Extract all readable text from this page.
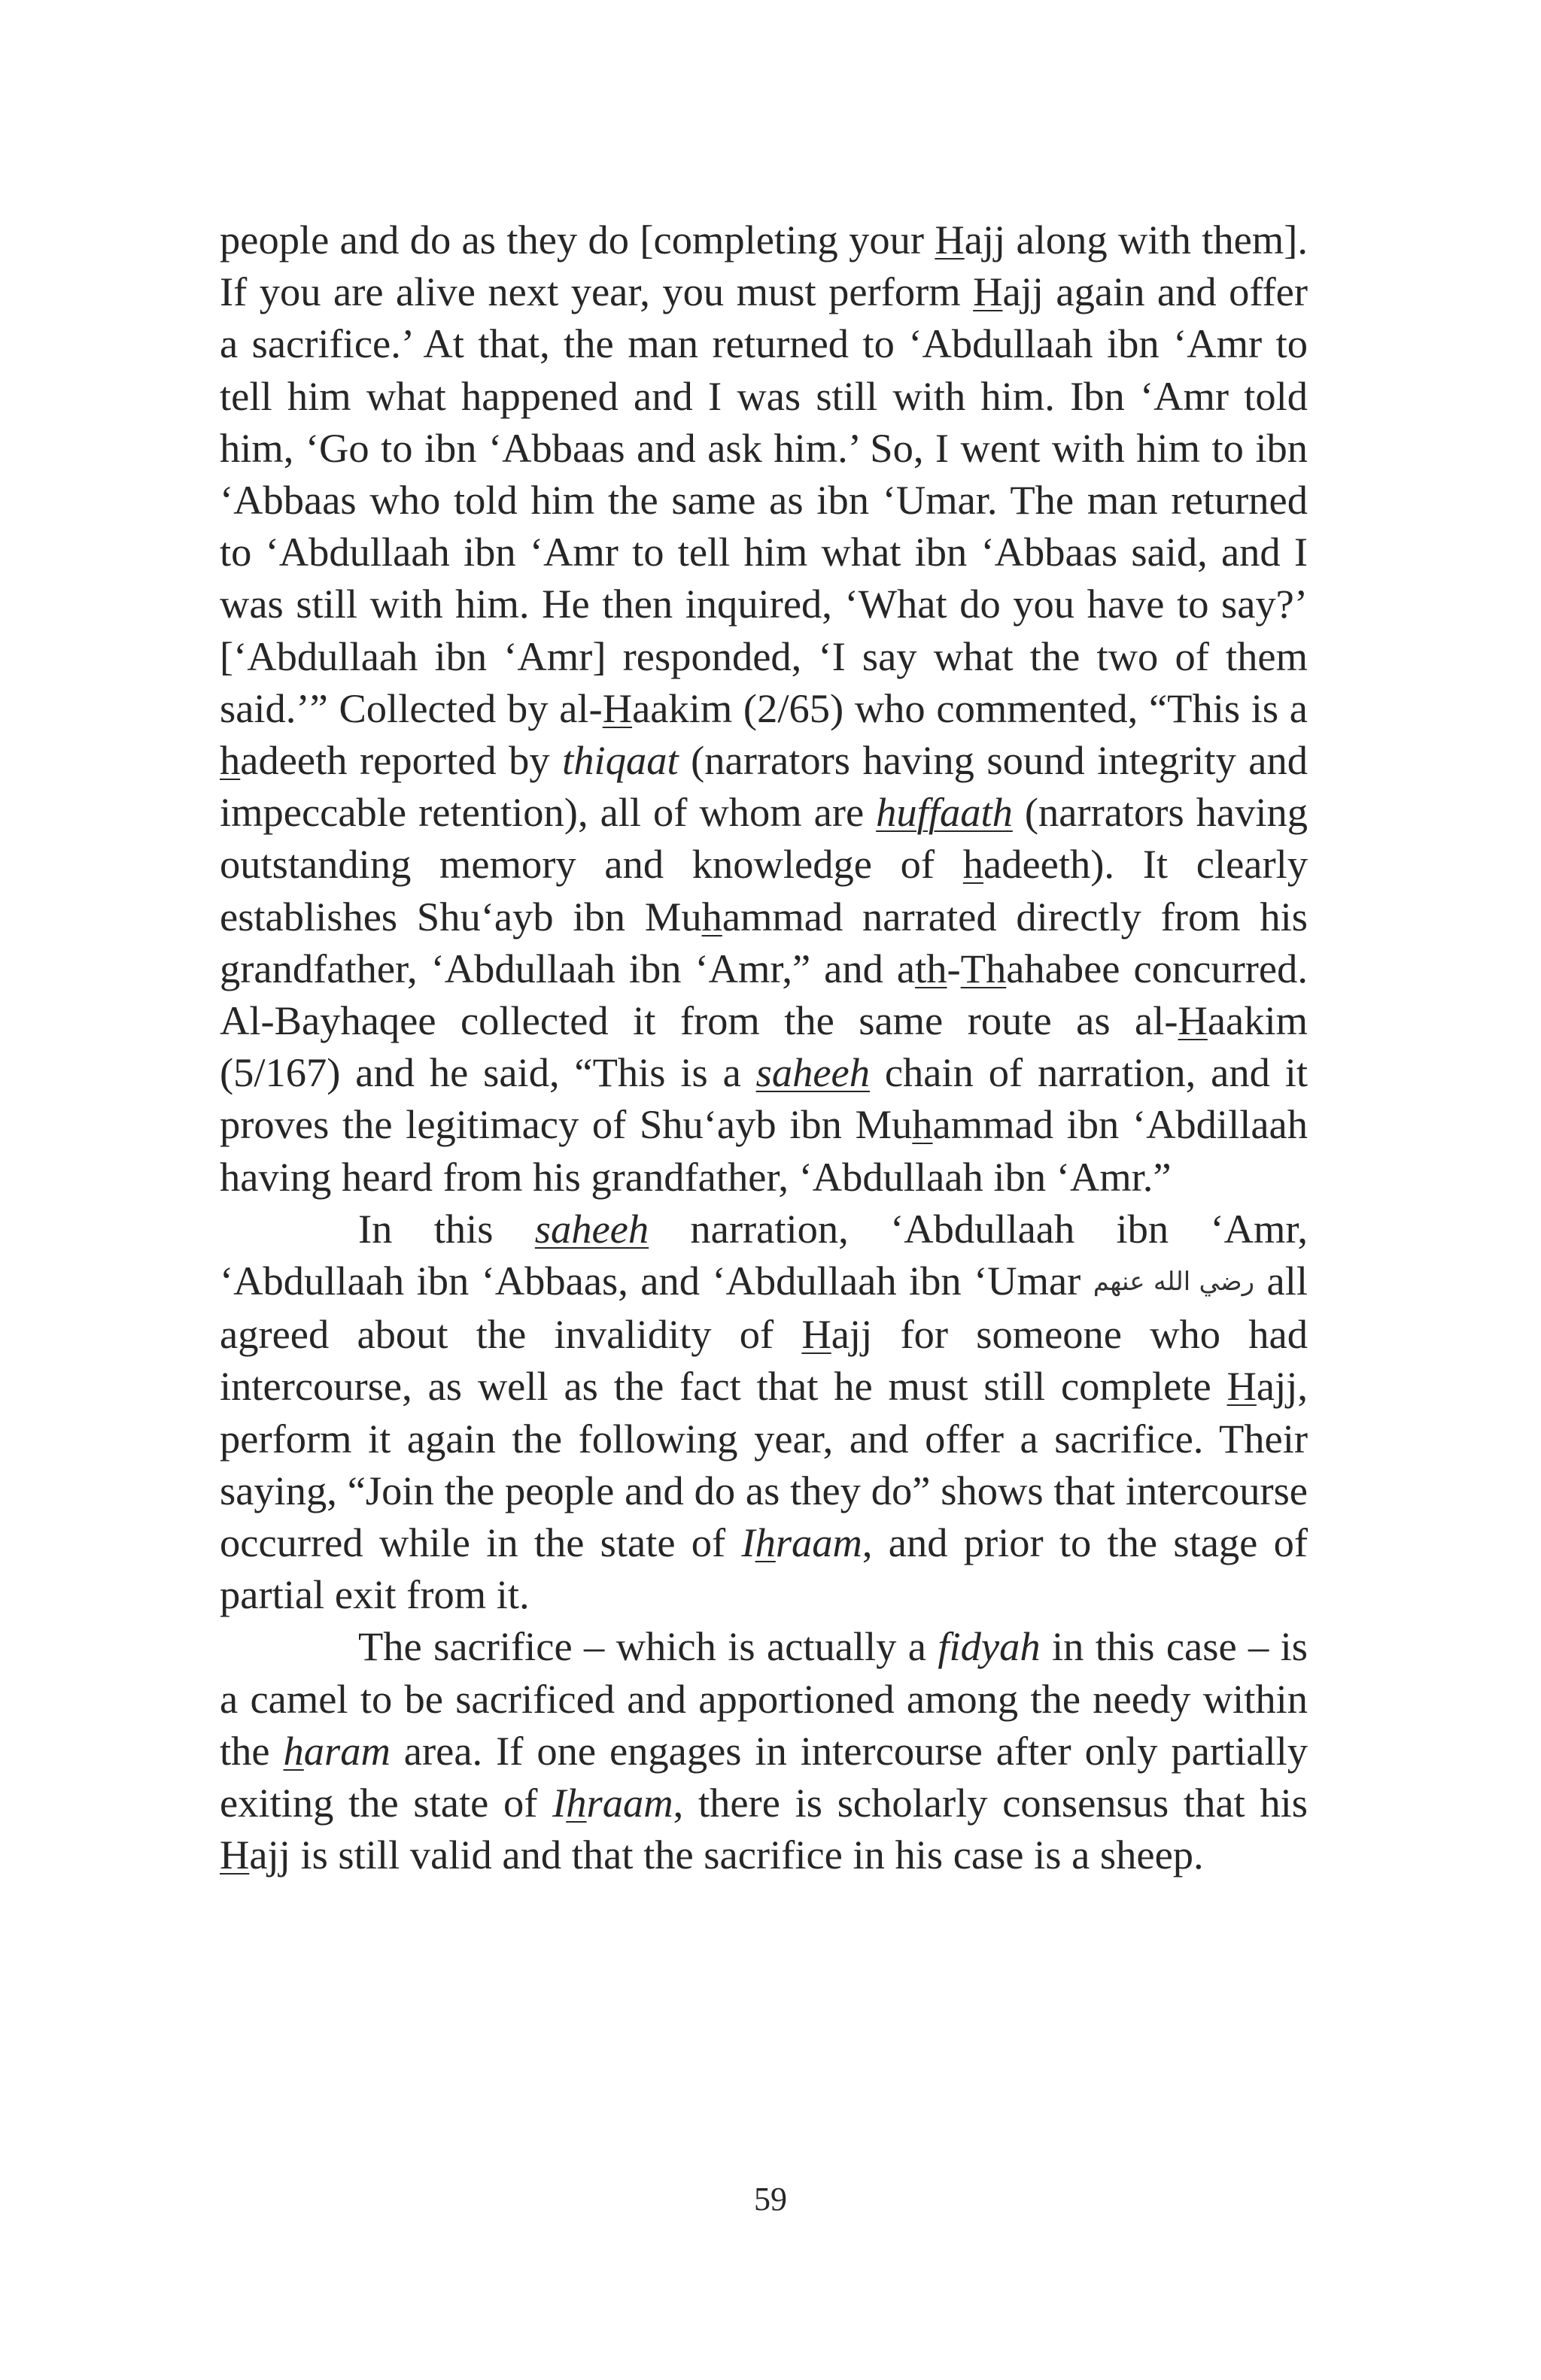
people and do as they do [completing your Hajj along with them]. If you are alive next year, you must perform Hajj again and offer a sacrifice.’ At that, the man returned to ‘Abdullaah ibn ‘Amr to tell him what happened and I was still with him. Ibn ‘Amr told him, ‘Go to ibn ‘Abbaas and ask him.’ So, I went with him to ibn ‘Abbaas who told him the same as ibn ‘Umar. The man returned to ‘Abdullaah ibn ‘Amr to tell him what ibn ‘Abbaas said, and I was still with him. He then inquired, ‘What do you have to say?’ [‘Abdullaah ibn ‘Amr] responded, ‘I say what the two of them said.’” Collected by al-Haakim (2/65) who commented, “This is a hadeeth reported by thiqaat (narrators having sound integrity and impeccable retention), all of whom are huffaath (narrators having outstanding memory and knowledge of hadeeth). It clearly establishes Shu‘ayb ibn Muhammad narrated directly from his grandfather, ‘Abdullaah ibn ‘Amr,” and ath-Thahabee concurred. Al-Bayhaqee collected it from the same route as al-Haakim (5/167) and he said, “This is a saheeh chain of narration, and it proves the legitimacy of Shu‘ayb ibn Muhammad ibn ‘Abdillaah having heard from his grandfather, ‘Abdullaah ibn ‘Amr.”

In this saheeh narration, ‘Abdullaah ibn ‘Amr, ‘Abdullaah ibn ‘Abbaas, and ‘Abdullaah ibn ‘Umar رضي الله عنهم all agreed about the invalidity of Hajj for someone who had intercourse, as well as the fact that he must still complete Hajj, perform it again the following year, and offer a sacrifice. Their saying, “Join the people and do as they do” shows that intercourse occurred while in the state of Ihraam, and prior to the stage of partial exit from it.

The sacrifice – which is actually a fidyah in this case – is a camel to be sacrificed and apportioned among the needy within the haram area. If one engages in intercourse after only partially exiting the state of Ihraam, there is scholarly consensus that his Hajj is still valid and that the sacrifice in his case is a sheep.

59
